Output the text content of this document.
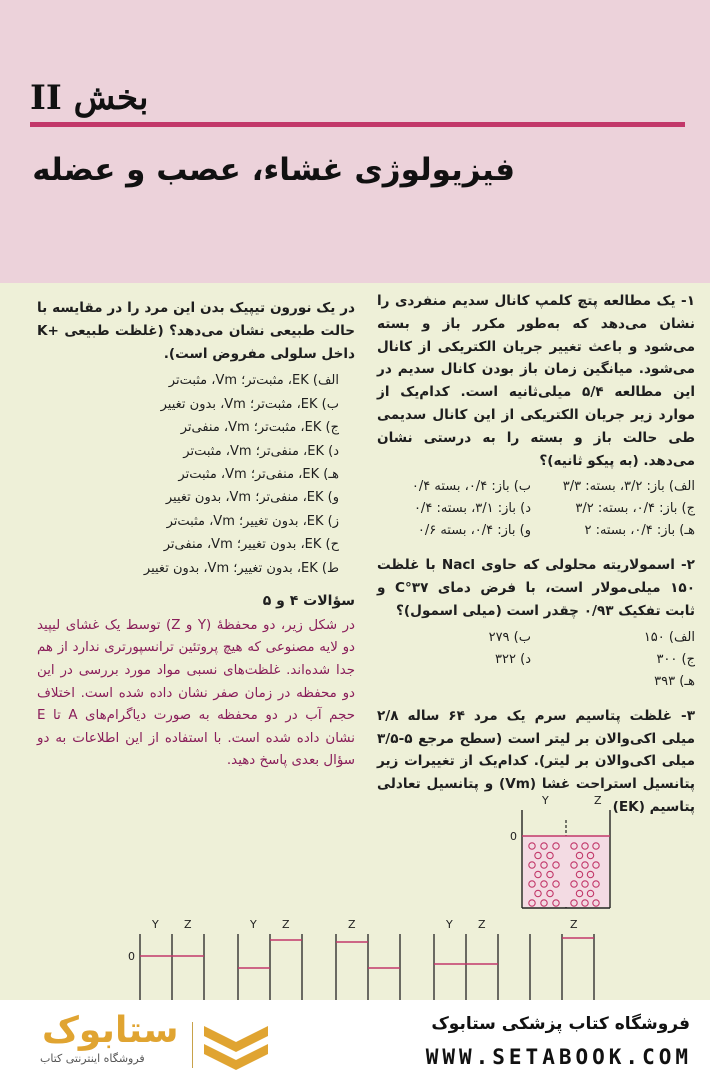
بخش II
فیزیولوژی غشاء، عصب و عضله
۱- یک مطالعه پتچ کلمپ کانال سدیم منفردی را نشان می‌دهد که به‌طور مکرر باز و بسته می‌شود و باعث تغییر جریان الکتریکی از کانال می‌شود. میانگین زمان باز بودن کانال سدیم در این مطالعه ۵/۴ میلی‌ثانیه است. کدام‌یک از موارد زیر جریان الکتریکی از این کانال سدیمی طی حالت باز و بسته را به درستی نشان می‌دهد. (به پیکو ثانیه)؟
الف) باز: ۳/۲، بسته: ۳/۳
ب) باز: ۰/۴، بسته ۰/۴
ج) باز: ۰/۴، بسته: ۳/۲
د) باز: ۳/۱، بسته: ۰/۴
هـ) باز: ۰/۴، بسته: ۲
و) باز: ۰/۴، بسته ۰/۶
۲- اسمولاریته محلولی که حاوی Nacl با غلظت ۱۵۰ میلی‌مولار است، با فرض دمای ۳۷°C و ثابت تفکیک ۰/۹۳ چقدر است (میلی اسمول)؟
الف) ۱۵۰
ب) ۲۷۹
ج) ۳۰۰
د) ۳۲۲
هـ) ۳۹۳
۳- غلظت پتاسیم سرم یک مرد ۶۴ ساله ۲/۸ میلی اکی‌والان بر لیتر است (سطح مرجع ۵-۳/۵ میلی اکی‌والان بر لیتر). کدام‌یک از تغییرات زیر پتانسیل استراحت غشا (Vm) و پتانسیل تعادلی پتاسیم (EK)
در یک نورون تیپیک بدن این مرد را در مقایسه با حالت طبیعی نشان می‌دهد؟ (غلظت طبیعی +K داخل سلولی مفروض است).
الف) EK، مثبت‌تر؛ Vm، مثبت‌تر
ب) EK، مثبت‌تر؛ Vm، بدون تغییر
ج) EK، مثبت‌تر؛ Vm، منفی‌تر
د) EK، منفی‌تر؛ Vm، مثبت‌تر
هـ) EK، منفی‌تر؛ Vm، مثبت‌تر
و) EK، منفی‌تر؛ Vm، بدون تغییر
ز) EK، بدون تغییر؛ Vm، مثبت‌تر
ح) EK، بدون تغییر؛ Vm، منفی‌تر
ط) EK، بدون تغییر؛ Vm، بدون تغییر
سؤالات ۴ و ۵
در شکل زیر، دو محفظهٔ (Y و Z) توسط یک غشای لیپید دو لایه مصنوعی که هیچ پروتئین ترانسپورتری ندارد از هم جدا شده‌اند. غلظت‌های نسبی مواد مورد بررسی در این دو محفظه در زمان صفر نشان داده شده است. اختلاف حجم آب در دو محفظه به صورت دیاگرام‌های A تا E نشان داده شده است. با استفاده از این اطلاعات به دو سؤال بعدی پاسخ دهید.
Y	Z
0
Y Z
0
Y Z	Z	Y Z	Z
فروشگاه کتاب پزشکی ستابوک
WWW.SETABOOK.COM
ستابوک
فروشگاه اینترنتی کتاب
